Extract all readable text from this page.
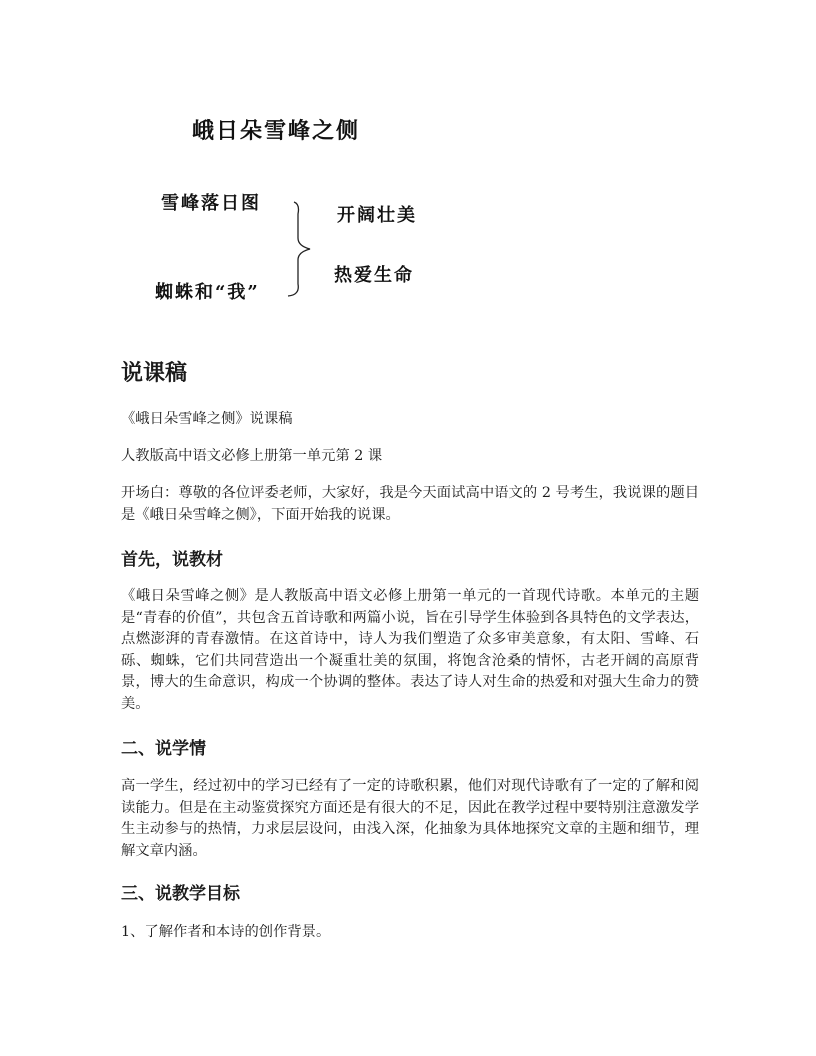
峨日朵雪峰之侧
雪峰落日图
蜘蛛和“我”
开阔壮美
热爱生命
说课稿
《峨日朵雪峰之侧》说课稿
人教版高中语文必修上册第一单元第 2 课
开场白：尊敬的各位评委老师，大家好，我是今天面试高中语文的 2 号考生，我说课的题目是《峨日朵雪峰之侧》，下面开始我的说课。
首先，说教材
《峨日朵雪峰之侧》是人教版高中语文必修上册第一单元的一首现代诗歌。本单元的主题是“青春的价值”，共包含五首诗歌和两篇小说，旨在引导学生体验到各具特色的文学表达，点燃澎湃的青春激情。在这首诗中，诗人为我们塑造了众多审美意象，有太阳、雪峰、石砾、蜘蛛，它们共同营造出一个凝重壮美的氛围，将饱含沧桑的情怀，古老开阔的高原背景，博大的生命意识，构成一个协调的整体。表达了诗人对生命的热爱和对强大生命力的赞美。
二、说学情
高一学生，经过初中的学习已经有了一定的诗歌积累，他们对现代诗歌有了一定的了解和阅读能力。但是在主动鉴赏探究方面还是有很大的不足，因此在教学过程中要特别注意激发学生主动参与的热情，力求层层设问，由浅入深，化抽象为具体地探究文章的主题和细节，理解文章内涵。
三、说教学目标
1、了解作者和本诗的创作背景。
